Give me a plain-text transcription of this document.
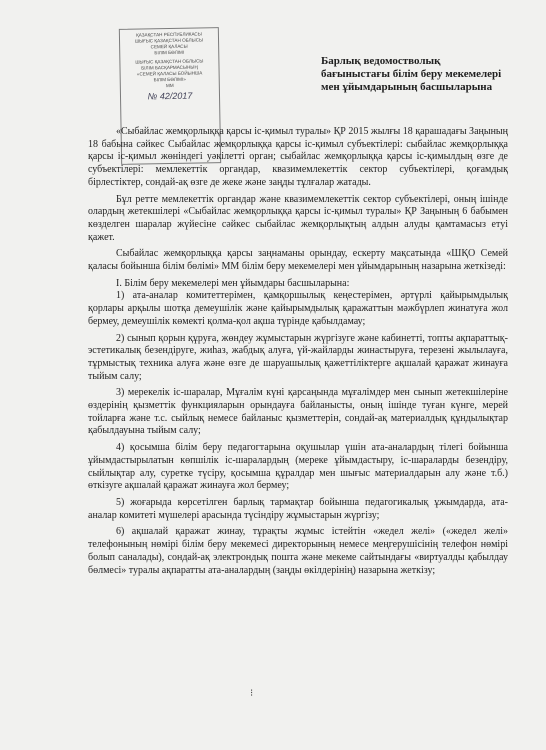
ҚАЗАҚСТАН РЕСПУБЛИКАСЫ
ШЫҒЫС ҚАЗАҚСТАН ОБЛЫСЫ
СЕМЕЙ ҚАЛАСЫ
БІЛІМ БӨЛІМІ
ШЫҒЫС ҚАЗАҚСТАН ОБЛЫСЫ
БІЛІМ БАСҚАРМАСЫНЫҢ
«СЕМЕЙ ҚАЛАСЫ БОЙЫНША
БІЛІМ БӨЛІМІ»
ММ
№ 42/2017
Барлық ведомостволық бағыныстағы білім беру мекемелері мен ұйымдарының басшыларына

«Сыбайлас жемқорлыққа қарсы іс-қимыл туралы» ҚР 2015 жылғы 18 қарашадағы Заңының 18 бабына сәйкес Сыбайлас жемқорлыққа қарсы іс-қимыл субъектілері: сыбайлас жемқорлыққа қарсы іс-қимыл жөніндегі уәкілетті орган; сыбайлас жемқорлыққа қарсы іс-қимылдың өзге де субъектілері: мемлекеттік органдар, квазимемлекеттік сектор субъектілері, қоғамдық бірлестіктер, сондай-ақ өзге де жеке және заңды тұлғалар жатады.

Бұл ретте мемлекеттік органдар және квазимемлекеттік сектор субъектілері, оның ішінде олардың жетекшілері «Сыбайлас жемқорлыққа қарсы іс-қимыл туралы» ҚР Заңының 6 бабымен көзделген шаралар жүйесіне сәйкес сыбайлас жемқорлықтың алдын алуды қамтамасыз етуі қажет.

Сыбайлас жемқорлыққа қарсы заңнаманы орындау, ескерту мақсатында «ШҚО Семей қаласы бойынша білім бөлімі» ММ білім беру мекемелері мен ұйымдарының назарына жеткізеді:

І. Білім беру мекемелері мен ұйымдары басшыларына:

1) ата-аналар комитеттерімен, қамқоршылық кеңестерімен, әртүрлі қайырымдылық қорлары арқылы шотқа демеушілік және қайырымдылық қаражаттын мәжбүрлеп жинатуға жол бермеу, демеушілік көмекті қолма-қол ақша түрінде қабылдамау;

2) сынып қорын құруға, жөндеу жұмыстарын жүргізуге және кабинетті, топты ақпараттық-эстетикалық безендіруге, жиһаз, жабдық алуға, үй-жайларды жинастыруға, терезені жылылауға, тұрмыстық техника алуға және өзге де шаруашылық қажеттіліктерге ақшалай қаражат жинауға тыйым салу;

3) мерекелік іс-шаралар, Мұғалім күні қарсаңында мұғалімдер мен сынып жетекшілеріне өздерінің қызметтік функцияларын орындауға байланысты, оның ішінде туған күнге, мерей тойларға және т.с. сыйлық немесе байланыс қызметтерін, сондай-ақ материалдық құндылықтар қабылдауына тыйым салу;

4) қосымша білім беру педагогтарына оқушылар үшін ата-аналардың тілегі бойынша ұйымдастырылатын көпшілік іс-шаралардың (мереке ұйымдастыру, іс-шараларды безендіру, сыйлықтар алу, суретке түсіру, қосымша құралдар мен шығыс материалдарын алу және т.б.) өткізуге ақшалай қаражат жинауға жол бермеу;

5) жоғарыда көрсетілген барлық тармақтар бойынша педагогикалық ұжымдарда, ата-аналар комитеті мүшелері арасында түсіндіру жұмыстарын жүргізу;

6) ақшалай қаражат жинау, тұрақты жұмыс істейтін «жедел желі» («жедел желі» телефонының нөмірі білім беру мекемесі директорының немесе меңгерушісінің телефон нөмірі болып саналады), сондай-ақ электрондық пошта және мекеме сайтындағы «виртуалды қабылдау бөлмесі» туралы ақпаратты ата-аналардың (заңды өкілдерінің) назарына жеткізу;

⁝
